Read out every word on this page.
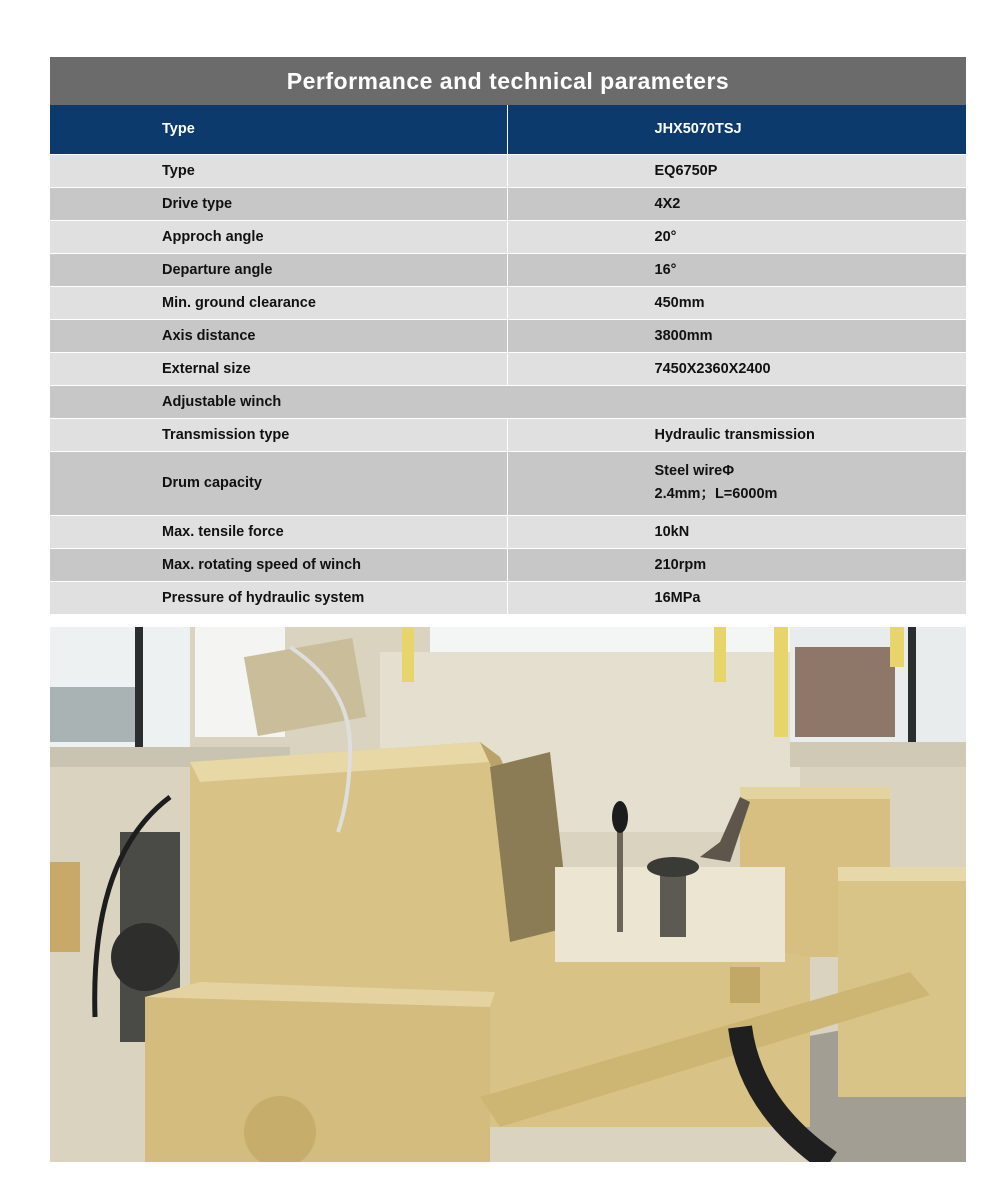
Performance and technical parameters
Type	JHX5070TSJ
Type	EQ6750P
Drive type	4X2
Approch angle	20°
Departure angle	16°
Min. ground clearance	450mm
Axis distance	3800mm
External size	7450X2360X2400
Adjustable winch	
Transmission type	Hydraulic transmission
Drum capacity	Steel wireΦ
2.4mm；L=6000m

Max. tensile force	10kN
Max. rotating speed of winch	210rpm
Pressure of hydraulic system	16MPa
